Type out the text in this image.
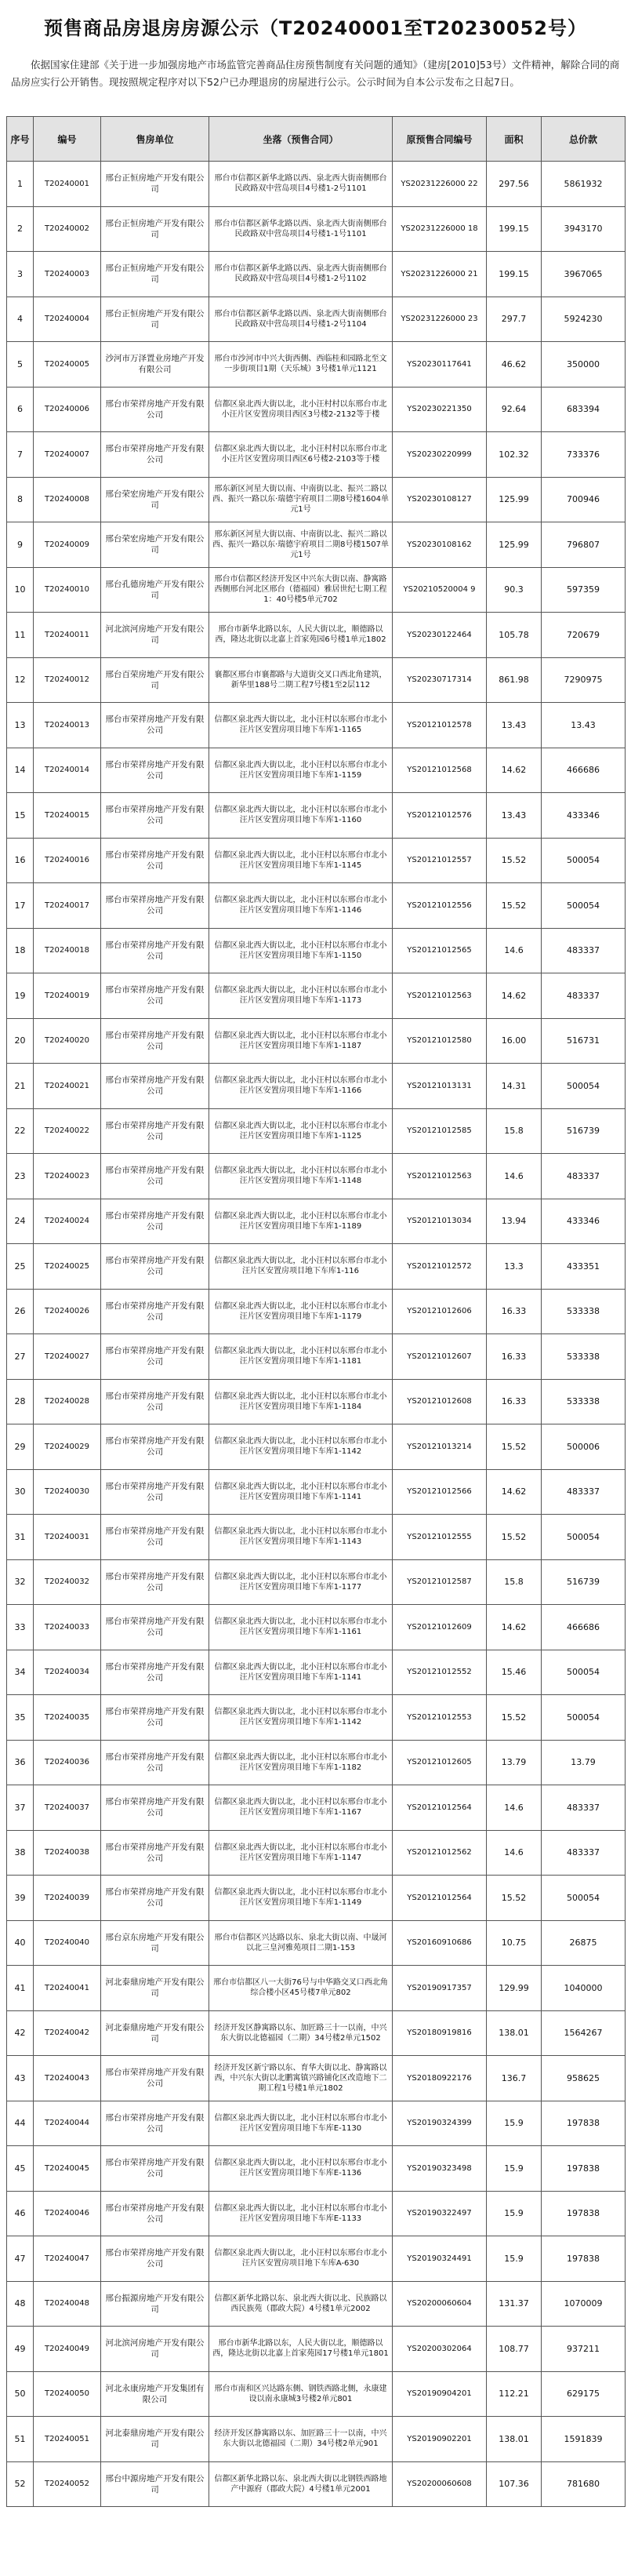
预售商品房退房房源公示（T20240001至T20230052号）
依据国家住建部《关于进一步加强房地产市场监管完善商品住房预售制度有关问题的通知》（建房[2010]53号）文件精神，解除合同的商品房应实行公开销售。现按照规定程序对以下52户已办理退房的房屋进行公示。公示时间为自本公示发布之日起7日。
序号	编号	售房单位	坐落（预售合同）	原预售合同编号	面积	总价款
1	T20240001	邢台正恒房地产开发有限公司	邢台市信都区新华北路以西、泉北西大街南侧邢台民政路双中营岛项目4号楼1-2号1101	YS20231226000 22	297.56	5861932
2	T20240002	邢台正恒房地产开发有限公司	邢台市信都区新华北路以西、泉北西大街南侧邢台民政路双中营岛项目4号楼1-1号1101	YS20231226000 18	199.15	3943170
3	T20240003	邢台正恒房地产开发有限公司	邢台市信都区新华北路以西、泉北西大街南侧邢台民政路双中营岛项目4号楼1-2号1102	YS20231226000 21	199.15	3967065
4	T20240004	邢台正恒房地产开发有限公司	邢台市信都区新华北路以西、泉北西大街南侧邢台民政路双中营岛项目4号楼1-2号1104	YS20231226000 23	297.7	5924230
5	T20240005	沙河市万泽置业房地产开发有限公司	邢台市沙河市中兴大街西侧、西临桂和园路北至文一步街项目1期（天乐城）3号楼1单元1121	YS20230117641	46.62	350000
6	T20240006	邢台市荣祥房地产开发有限公司	信都区泉北西大街以北，北小汪村村以东邢台市北小汪片区安置房项目西区3号楼2-2132等于楼	YS20230221350	92.64	683394
7	T20240007	邢台市荣祥房地产开发有限公司	信都区泉北西大街以北，北小汪村村以东邢台市北小汪片区安置房项目西区6号楼2-2103等于楼	YS20230220999	102.32	733376
8	T20240008	邢台荣宏房地产开发有限公司	邢东新区河星大街以南、中南街以北、振兴二路以西、振兴一路以东·瑞德宇府项目二期8号楼1604单元1号	YS20230108127	125.99	700946
9	T20240009	邢台荣宏房地产开发有限公司	邢东新区河星大街以南、中南街以北、振兴二路以西、振兴一路以东·瑞德宇府项目二期8号楼1507单元1号	YS20230108162	125.99	796807
10	T20240010	邢台孔德房地产开发有限公司	邢台市信都区经济开发区中兴东大街以南、静寓路西侧邢台河北区邢台（德福园）雅居世纪七期工程1：40号楼5单元702	YS20210520004 9	90.3	597359
11	T20240011	河北滨河房地产开发有限公司	邢台市新华北路以东，人民大街以北，顺德路以西，隆达北街以北嘉上首家苑园6号楼1单元1802	YS20230122464	105.78	720679
12	T20240012	邢台百荣房地产开发有限公司	襄都区邢台市襄都路与大道街交叉口西北角建筑，新华里188号二期工程7号楼1至2层112	YS20230717314	861.98	7290975
13	T20240013	邢台市荣祥房地产开发有限公司	信都区泉北西大街以北，北小汪村以东邢台市北小汪片区安置房项目地下车库1-1165	YS20121012578	13.43	13.43
14	T20240014	邢台市荣祥房地产开发有限公司	信都区泉北西大街以北，北小汪村以东邢台市北小汪片区安置房项目地下车库1-1159	YS20121012568	14.62	466686
15	T20240015	邢台市荣祥房地产开发有限公司	信都区泉北西大街以北，北小汪村以东邢台市北小汪片区安置房项目地下车库1-1160	YS20121012576	13.43	433346
16	T20240016	邢台市荣祥房地产开发有限公司	信都区泉北西大街以北，北小汪村以东邢台市北小汪片区安置房项目地下车库1-1145	YS20121012557	15.52	500054
17	T20240017	邢台市荣祥房地产开发有限公司	信都区泉北西大街以北，北小汪村以东邢台市北小汪片区安置房项目地下车库1-1146	YS20121012556	15.52	500054
18	T20240018	邢台市荣祥房地产开发有限公司	信都区泉北西大街以北，北小汪村以东邢台市北小汪片区安置房项目地下车库1-1150	YS20121012565	14.6	483337
19	T20240019	邢台市荣祥房地产开发有限公司	信都区泉北西大街以北，北小汪村以东邢台市北小汪片区安置房项目地下车库1-1173	YS20121012563	14.62	483337
20	T20240020	邢台市荣祥房地产开发有限公司	信都区泉北西大街以北，北小汪村以东邢台市北小汪片区安置房项目地下车库1-1187	YS20121012580	16.00	516731
21	T20240021	邢台市荣祥房地产开发有限公司	信都区泉北西大街以北，北小汪村以东邢台市北小汪片区安置房项目地下车库1-1166	YS20121013131	14.31	500054
22	T20240022	邢台市荣祥房地产开发有限公司	信都区泉北西大街以北，北小汪村以东邢台市北小汪片区安置房项目地下车库1-1125	YS20121012585	15.8	516739
23	T20240023	邢台市荣祥房地产开发有限公司	信都区泉北西大街以北，北小汪村以东邢台市北小汪片区安置房项目地下车库1-1148	YS20121012563	14.6	483337
24	T20240024	邢台市荣祥房地产开发有限公司	信都区泉北西大街以北，北小汪村以东邢台市北小汪片区安置房项目地下车库1-1189	YS20121013034	13.94	433346
25	T20240025	邢台市荣祥房地产开发有限公司	信都区泉北西大街以北，北小汪村以东邢台市北小汪片区安置房项目地下车库1-116	YS20121012572	13.3	433351
26	T20240026	邢台市荣祥房地产开发有限公司	信都区泉北西大街以北，北小汪村以东邢台市北小汪片区安置房项目地下车库1-1179	YS20121012606	16.33	533338
27	T20240027	邢台市荣祥房地产开发有限公司	信都区泉北西大街以北，北小汪村以东邢台市北小汪片区安置房项目地下车库1-1181	YS20121012607	16.33	533338
28	T20240028	邢台市荣祥房地产开发有限公司	信都区泉北西大街以北，北小汪村以东邢台市北小汪片区安置房项目地下车库1-1184	YS20121012608	16.33	533338
29	T20240029	邢台市荣祥房地产开发有限公司	信都区泉北西大街以北，北小汪村以东邢台市北小汪片区安置房项目地下车库1-1142	YS20121013214	15.52	500006
30	T20240030	邢台市荣祥房地产开发有限公司	信都区泉北西大街以北，北小汪村以东邢台市北小汪片区安置房项目地下车库1-1141	YS20121012566	14.62	483337
31	T20240031	邢台市荣祥房地产开发有限公司	信都区泉北西大街以北，北小汪村以东邢台市北小汪片区安置房项目地下车库1-1143	YS20121012555	15.52	500054
32	T20240032	邢台市荣祥房地产开发有限公司	信都区泉北西大街以北，北小汪村以东邢台市北小汪片区安置房项目地下车库1-1177	YS20121012587	15.8	516739
33	T20240033	邢台市荣祥房地产开发有限公司	信都区泉北西大街以北，北小汪村以东邢台市北小汪片区安置房项目地下车库1-1161	YS20121012609	14.62	466686
34	T20240034	邢台市荣祥房地产开发有限公司	信都区泉北西大街以北，北小汪村以东邢台市北小汪片区安置房项目地下车库1-1141	YS20121012552	15.46	500054
35	T20240035	邢台市荣祥房地产开发有限公司	信都区泉北西大街以北，北小汪村以东邢台市北小汪片区安置房项目地下车库1-1142	YS20121012553	15.52	500054
36	T20240036	邢台市荣祥房地产开发有限公司	信都区泉北西大街以北，北小汪村以东邢台市北小汪片区安置房项目地下车库1-1182	YS20121012605	13.79	13.79
37	T20240037	邢台市荣祥房地产开发有限公司	信都区泉北西大街以北，北小汪村以东邢台市北小汪片区安置房项目地下车库1-1167	YS20121012564	14.6	483337
38	T20240038	邢台市荣祥房地产开发有限公司	信都区泉北西大街以北，北小汪村以东邢台市北小汪片区安置房项目地下车库1-1147	YS20121012562	14.6	483337
39	T20240039	邢台市荣祥房地产开发有限公司	信都区泉北西大街以北，北小汪村以东邢台市北小汪片区安置房项目地下车库1-1149	YS20121012564	15.52	500054
40	T20240040	邢台京东房地产开发有限公司	邢台市信都区兴达路以东、泉北大街以南、中晟河以北三皇河雅苑项目二期1-153	YS20160910686	10.75	26875
41	T20240041	河北泰鼎房地产开发有限公司	邢台市信都区八一大街76号与中华路交叉口西北角综合楼小区45号楼7单元802	YS20190917357	129.99	1040000
42	T20240042	河北泰鼎房地产开发有限公司	经济开发区静寓路以东、加匠路三十一以南，中兴东大街以北德福园（二期）34号楼2单元1502	YS20180919816	138.01	1564267
43	T20240043	邢台市荣祥房地产开发有限公司	经济开发区新宁路以东、育华大街以北、静寓路以西，中兴东大街以北鹏寓镇兴路铺化区改造地下二期工程1号楼1单元1802	YS20180922176	136.7	958625
44	T20240044	邢台市荣祥房地产开发有限公司	信都区泉北西大街以北，北小汪村以东邢台市北小汪片区安置房项目地下车库E-1130	YS20190324399	15.9	197838
45	T20240045	邢台市荣祥房地产开发有限公司	信都区泉北西大街以北，北小汪村以东邢台市北小汪片区安置房项目地下车库E-1136	YS20190323498	15.9	197838
46	T20240046	邢台市荣祥房地产开发有限公司	信都区泉北西大街以北，北小汪村以东邢台市北小汪片区安置房项目地下车库E-1133	YS20190322497	15.9	197838
47	T20240047	邢台市荣祥房地产开发有限公司	信都区泉北西大街以北，北小汪村以东邢台市北小汪片区安置房项目地下车库A-630	YS20190324491	15.9	197838
48	T20240048	邢台振源房地产开发有限公司	信都区新华北路以东、泉北西大街以北、民族路以西民族苑（郡政大院）4号楼1单元2002	YS20200060604	131.37	1070009
49	T20240049	河北滨河房地产开发有限公司	邢台市新华北路以东，人民大街以北，顺德路以西，隆达北街以北嘉上首家苑园17号楼1单元1801	YS20200302064	108.77	937211
50	T20240050	河北永康房地产开发集团有限公司	邢台市南和区兴达路东侧、钢铁西路北侧，永康建设以南永康城3号楼2单元801	YS20190904201	112.21	629175
51	T20240051	河北泰鼎房地产开发有限公司	经济开发区静寓路以东、加匠路三十一以南，中兴东大街以北德福园（二期）34号楼2单元901	YS20190902201	138.01	1591839
52	T20240052	邢台中源房地产开发有限公司	信都区新华北路以东、泉北西大街以北钢铁西路地产中源府（郡政大院）4号楼1单元2001	YS20200060608	107.36	781680
